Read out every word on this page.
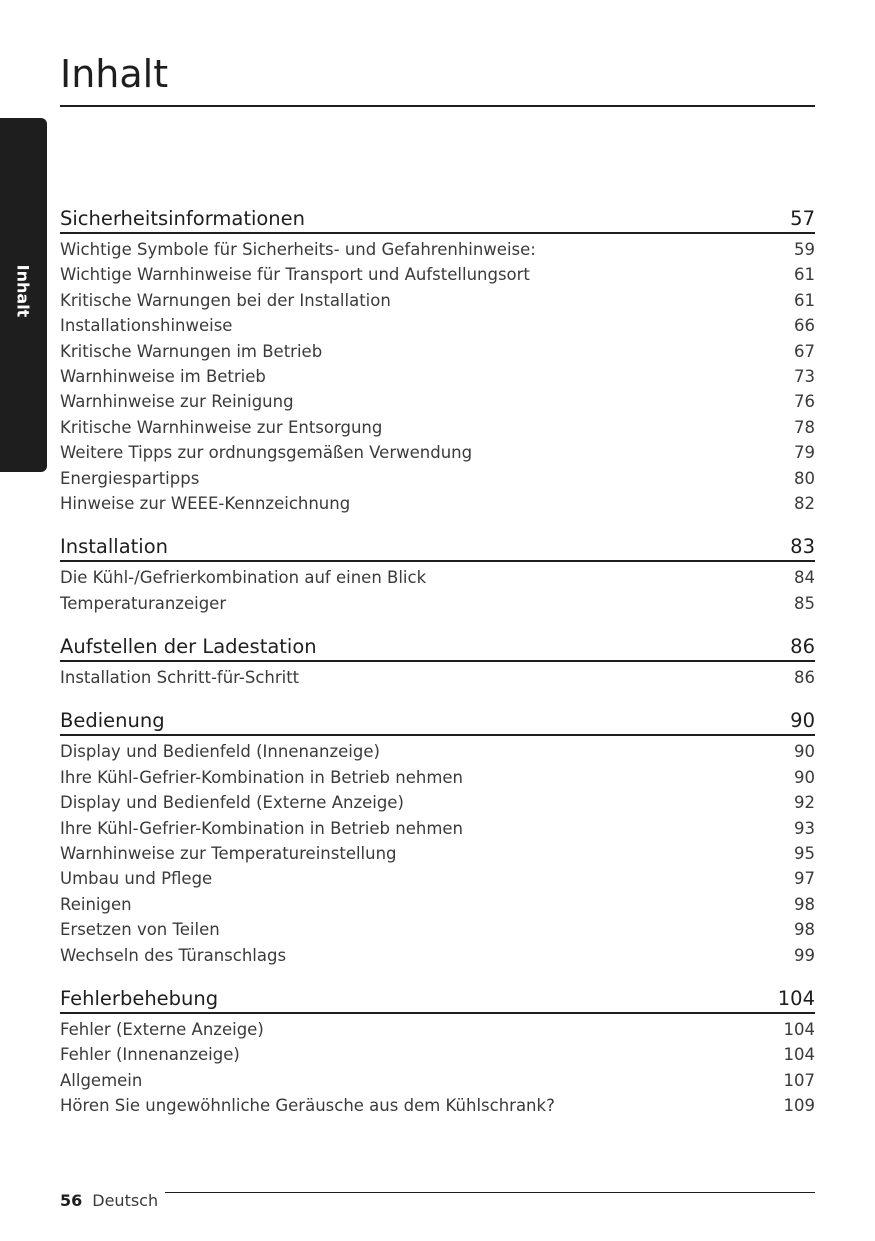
Inhalt
Inhalt
Sicherheitsinformationen	57
Wichtige Symbole für Sicherheits- und Gefahrenhinweise:	59
Wichtige Warnhinweise für Transport und Aufstellungsort	61
Kritische Warnungen bei der Installation	61
Installationshinweise	66
Kritische Warnungen im Betrieb	67
Warnhinweise im Betrieb	73
Warnhinweise zur Reinigung	76
Kritische Warnhinweise zur Entsorgung	78
Weitere Tipps zur ordnungsgemäßen Verwendung	79
Energiespartipps	80
Hinweise zur WEEE-Kennzeichnung	82
Installation	83
Die Kühl-/Gefrierkombination auf einen Blick	84
Temperaturanzeiger	85
Aufstellen der Ladestation	86
Installation Schritt-für-Schritt	86
Bedienung	90
Display und Bedienfeld (Innenanzeige)	90
Ihre Kühl-Gefrier-Kombination in Betrieb nehmen	90
Display und Bedienfeld (Externe Anzeige)	92
Ihre Kühl-Gefrier-Kombination in Betrieb nehmen	93
Warnhinweise zur Temperatureinstellung	95
Umbau und Pflege	97
Reinigen	98
Ersetzen von Teilen	98
Wechseln des Türanschlags	99
Fehlerbehebung	104
Fehler (Externe Anzeige)	104
Fehler (Innenanzeige)	104
Allgemein	107
Hören Sie ungewöhnliche Geräusche aus dem Kühlschrank?	109
56 Deutsch
